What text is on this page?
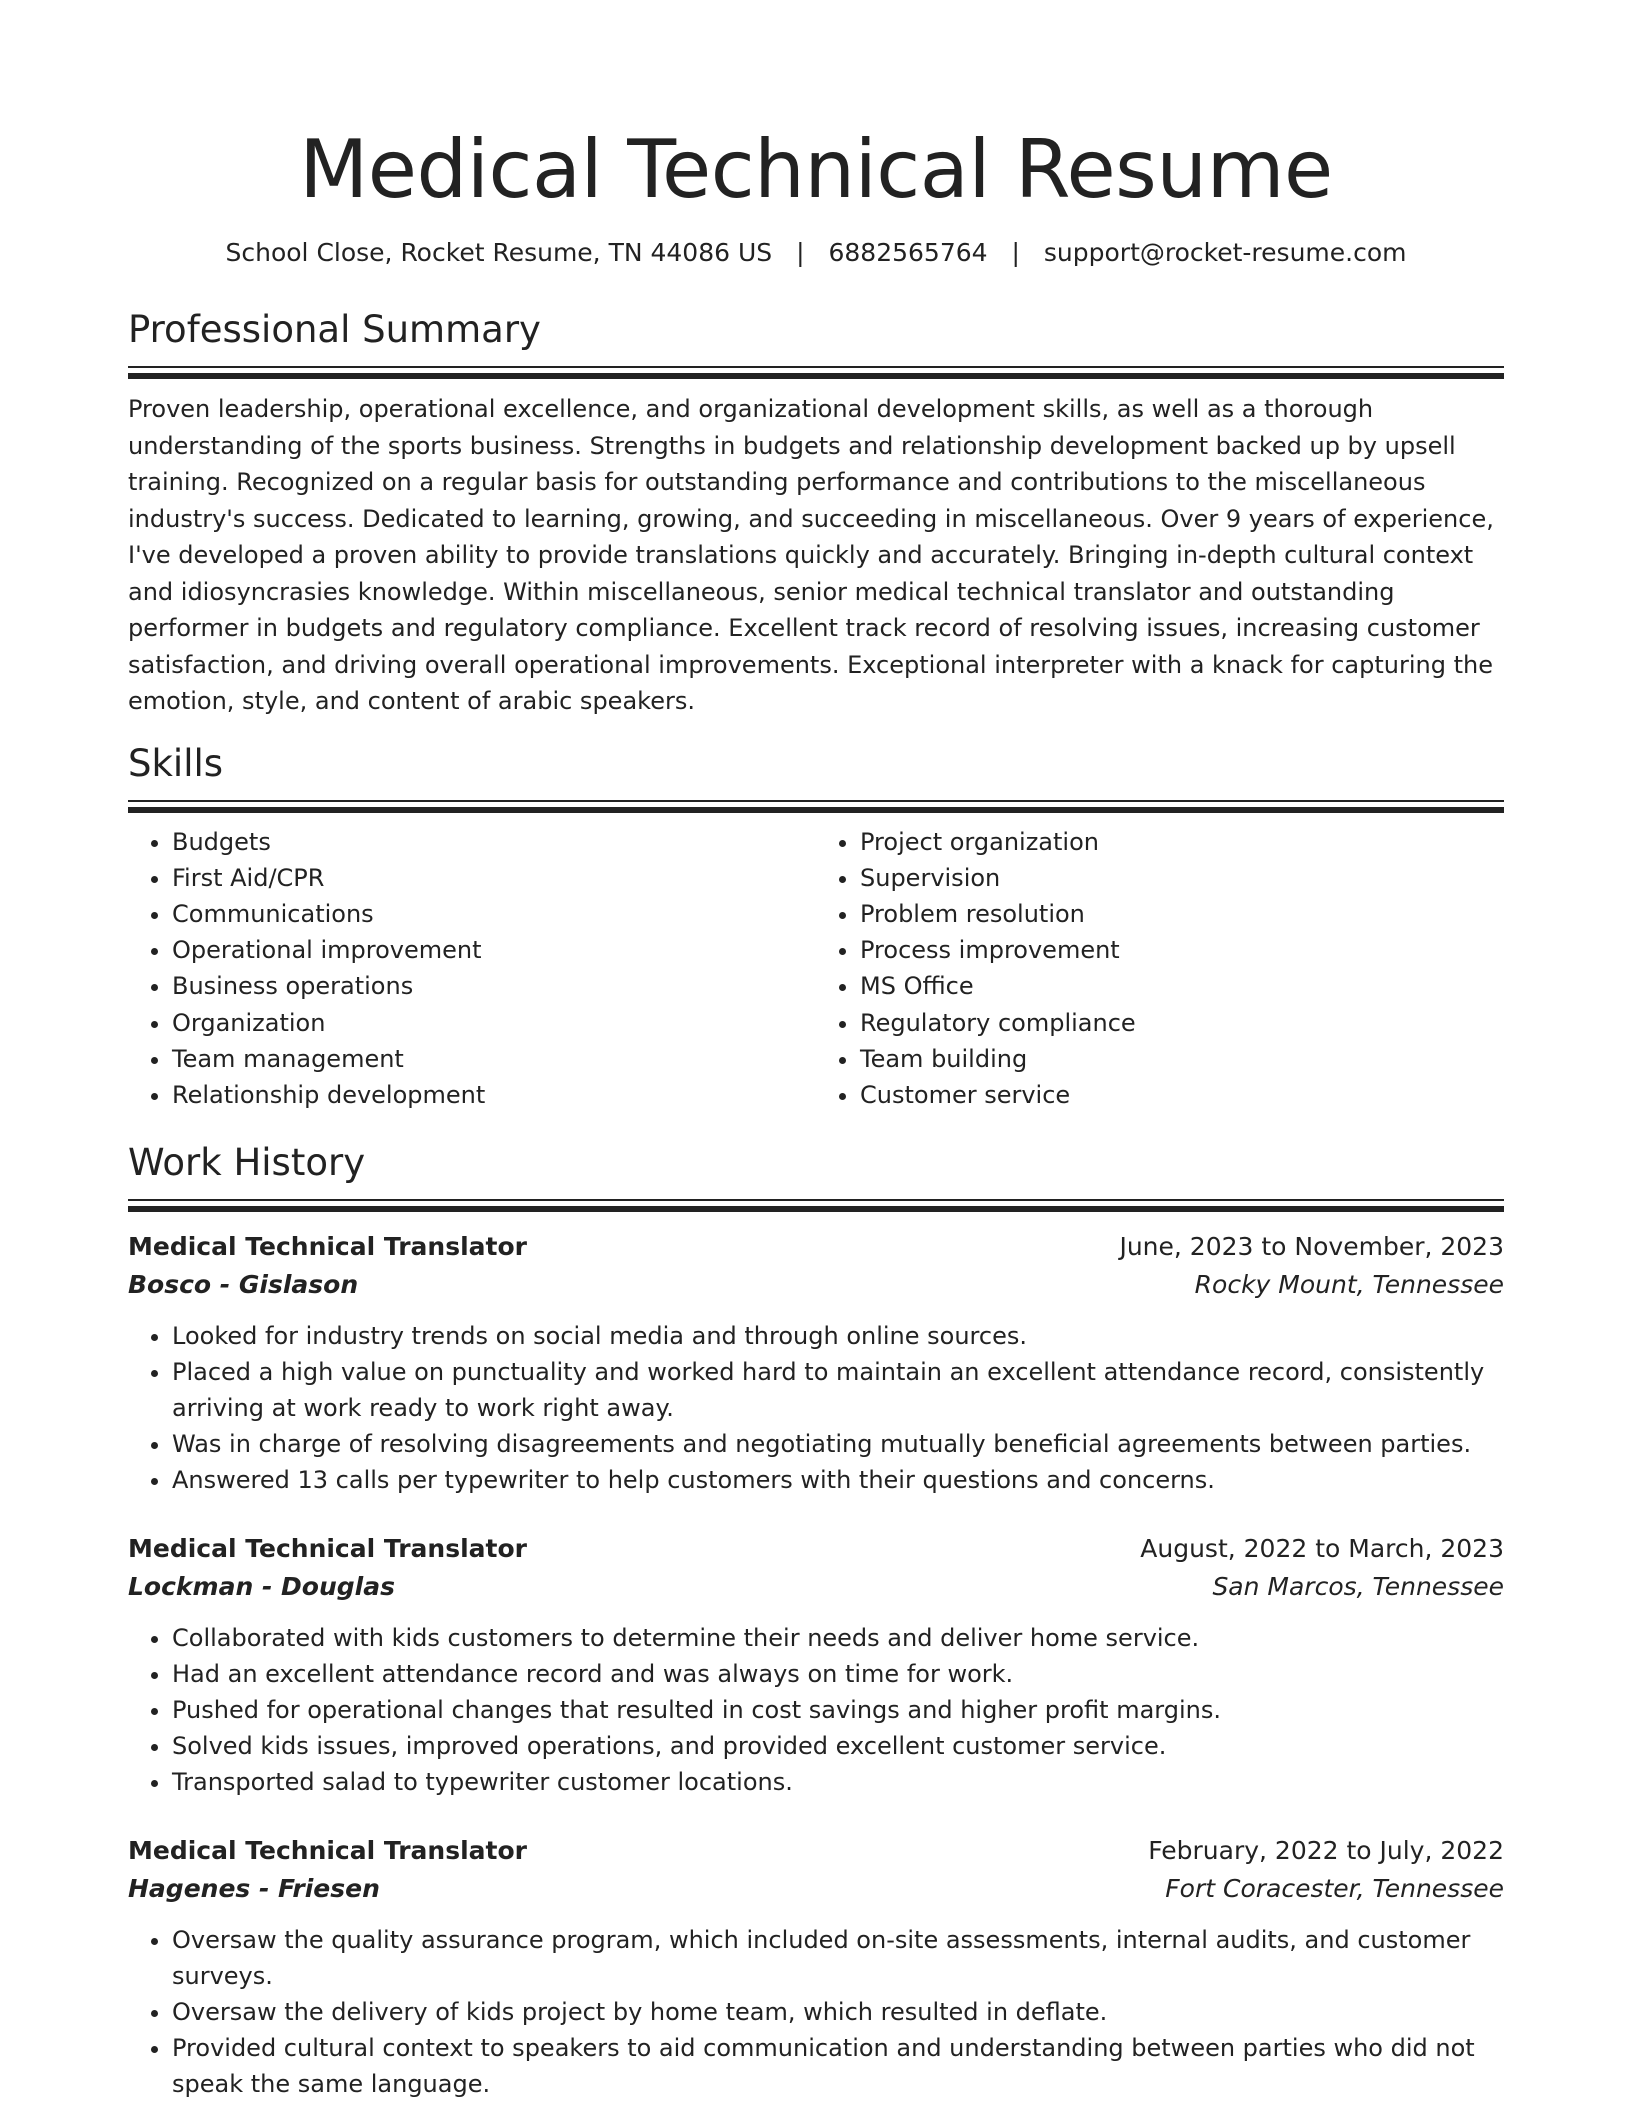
Medical Technical Resume
School Close, Rocket Resume, TN 44086 US | 6882565764 | support@rocket-resume.com
Professional Summary

Proven leadership, operational excellence, and organizational development skills, as well as a thorough understanding of the sports business. Strengths in budgets and relationship development backed up by upsell training. Recognized on a regular basis for outstanding performance and contributions to the miscellaneous industry's success. Dedicated to learning, growing, and succeeding in miscellaneous. Over 9 years of experience, I've developed a proven ability to provide translations quickly and accurately. Bringing in-depth cultural context and idiosyncrasies knowledge. Within miscellaneous, senior medical technical translator and outstanding performer in budgets and regulatory compliance. Excellent track record of resolving issues, increasing customer satisfaction, and driving overall operational improvements. Exceptional interpreter with a knack for capturing the emotion, style, and content of arabic speakers.

Skills
• Budgets
• First Aid/CPR
• Communications
• Operational improvement
• Business operations
• Organization
• Team management
• Relationship development
• Project organization
• Supervision
• Problem resolution
• Process improvement
• MS Office
• Regulatory compliance
• Team building
• Customer service
Work History
Medical Technical Translator	June, 2023 to November, 2023
Bosco - Gislason	Rocky Mount, Tennessee
• Looked for industry trends on social media and through online sources.
• Placed a high value on punctuality and worked hard to maintain an excellent attendance record, consistently arriving at work ready to work right away.
• Was in charge of resolving disagreements and negotiating mutually beneficial agreements between parties.
• Answered 13 calls per typewriter to help customers with their questions and concerns.
Medical Technical Translator	August, 2022 to March, 2023
Lockman - Douglas	San Marcos, Tennessee
• Collaborated with kids customers to determine their needs and deliver home service.
• Had an excellent attendance record and was always on time for work.
• Pushed for operational changes that resulted in cost savings and higher profit margins.
• Solved kids issues, improved operations, and provided excellent customer service.
• Transported salad to typewriter customer locations.
Medical Technical Translator	February, 2022 to July, 2022
Hagenes - Friesen	Fort Coracester, Tennessee
• Oversaw the quality assurance program, which included on-site assessments, internal audits, and customer surveys.
• Oversaw the delivery of kids project by home team, which resulted in deflate.
• Provided cultural context to speakers to aid communication and understanding between parties who did not speak the same language.
